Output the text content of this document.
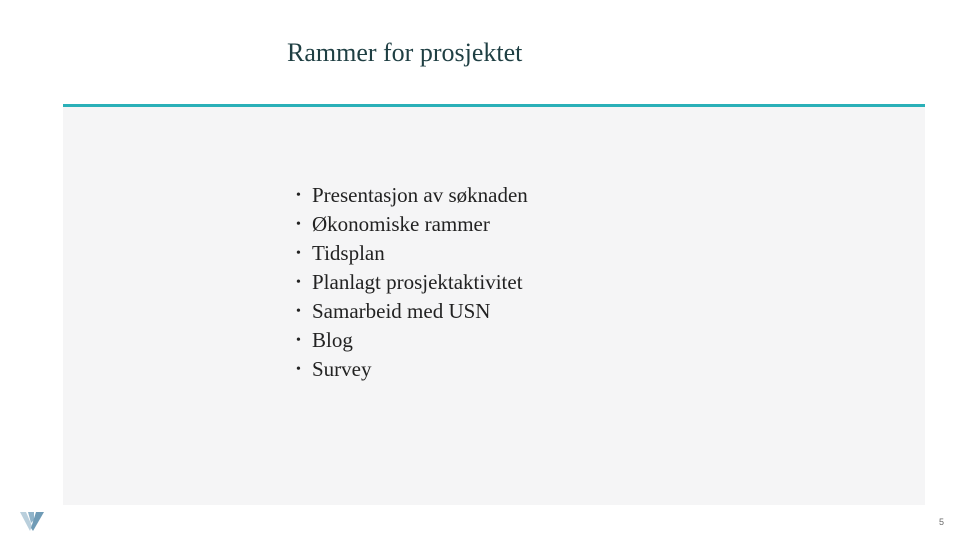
Rammer for prosjektet
• Presentasjon av søknaden
• Økonomiske rammer
• Tidsplan
• Planlagt prosjektaktivitet
• Samarbeid med USN
• Blog
• Survey
5
